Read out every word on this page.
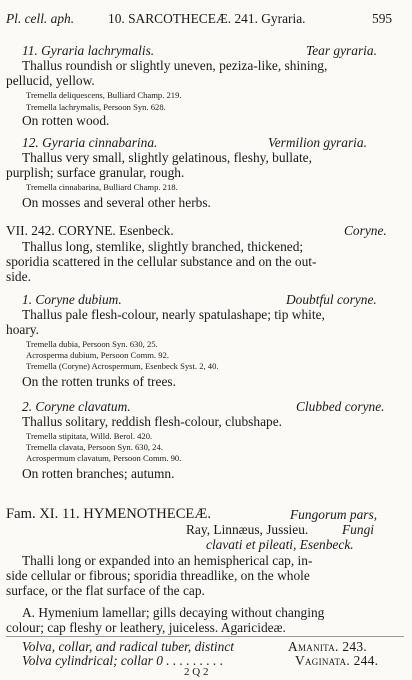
Pl. cell. aph.	10. SARCOTHECEÆ. 241. Gyraria.	595
11. Gyraria lachrymalis.	Tear gyraria.
Thallus roundish or slightly uneven, peziza-like, shining,
pellucid, yellow.
Tremella deliquescens, Bulliard Champ. 219.
Tremella lachrymalis, Persoon Syn. 628.
On rotten wood.
12. Gyraria cinnabarina.	Vermilion gyraria.
Thallus very small, slightly gelatinous, fleshy, bullate,
purplish; surface granular, rough.
Tremella cinnabarina, Bulliard Champ. 218.
On mosses and several other herbs.
VII. 242. CORYNE. Esenbeck.	Coryne.
Thallus long, stemlike, slightly branched, thickened;
sporidia scattered in the cellular substance and on the out-
side.
1. Coryne dubium.	Doubtful coryne.
Thallus pale flesh-colour, nearly spatulashape; tip white,
hoary.
Tremella dubia, Persoon Syn. 630, 25.
Acrosperma dubium, Persoon Comm. 92.
Tremella (Coryne) Acrospermum, Esenbeck Syst. 2, 40.
On the rotten trunks of trees.
2. Coryne clavatum.	Clubbed coryne.
Thallus solitary, reddish flesh-colour, clubshape.
Tremella stipitata, Willd. Berol. 420.
Tremella clavata, Persoon Syn. 630, 24.
Acrospermum clavatum, Persoon Comm. 90.
On rotten branches; autumn.
Fam. XI. 11. HYMENOTHECEÆ.	Fungorum pars,
Ray, Linnæus, Jussieu.	Fungi
clavati et pileati, Esenbeck.
Thalli long or expanded into an hemispherical cap, in-
side cellular or fibrous; sporidia threadlike, on the whole
surface, or the flat surface of the cap.
A. Hymenium lamellar; gills decaying without changing
colour; cap fleshy or leathery, juiceless. Agaricideæ.
Volva, collar, and radical tuber, distinct	Amanita. 243.
Volva cylindrical; collar 0 . . . . . . . . .	Vaginata. 244.
2 Q 2
